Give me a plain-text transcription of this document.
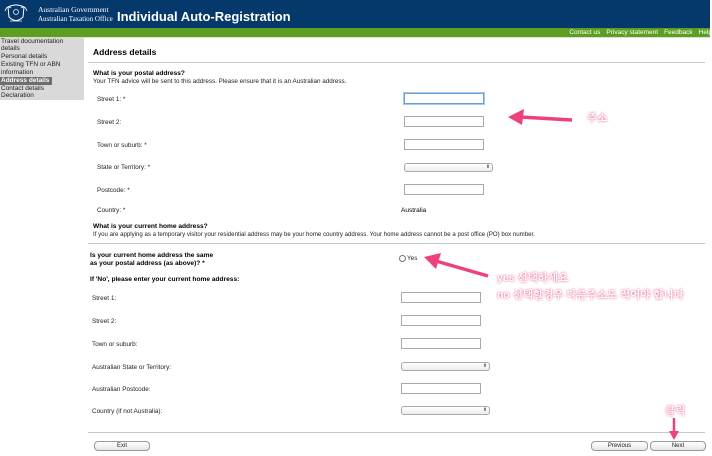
Australian Government
Australian Taxation Office Individual Auto-Registration
Contact us Privacy statement Feedback Help
Travel documentation
details
Personal details
Existing TFN or ABN
information
Address details
Contact details
Declaration
Address details
What is your postal address?
Your TFN advice will be sent to this address. Please ensure that it is an Australian address.
Street 1: *
Street 2:
Town or suburb: *
State or Territory: *	⬍
Postcode: *
Country: *	Australia
What is your current home address?
If you are applying as a temporary visitor your residential address may be your home country address. Your home address cannot be a post office (PO) box number.
Is your current home address the same
as your postal address (as above)? *
Yes
If 'No', please enter your current home address:
Street 1:
Street 2:
Town or suburb:
Australian State or Territory:	⬍
Australian Postcode:
Country (if not Australia):	⬍
Exit	Previous	Next
주소
yes 선택하세요
no 선택할경우 다른주소도 적어야 합니다
클릭
